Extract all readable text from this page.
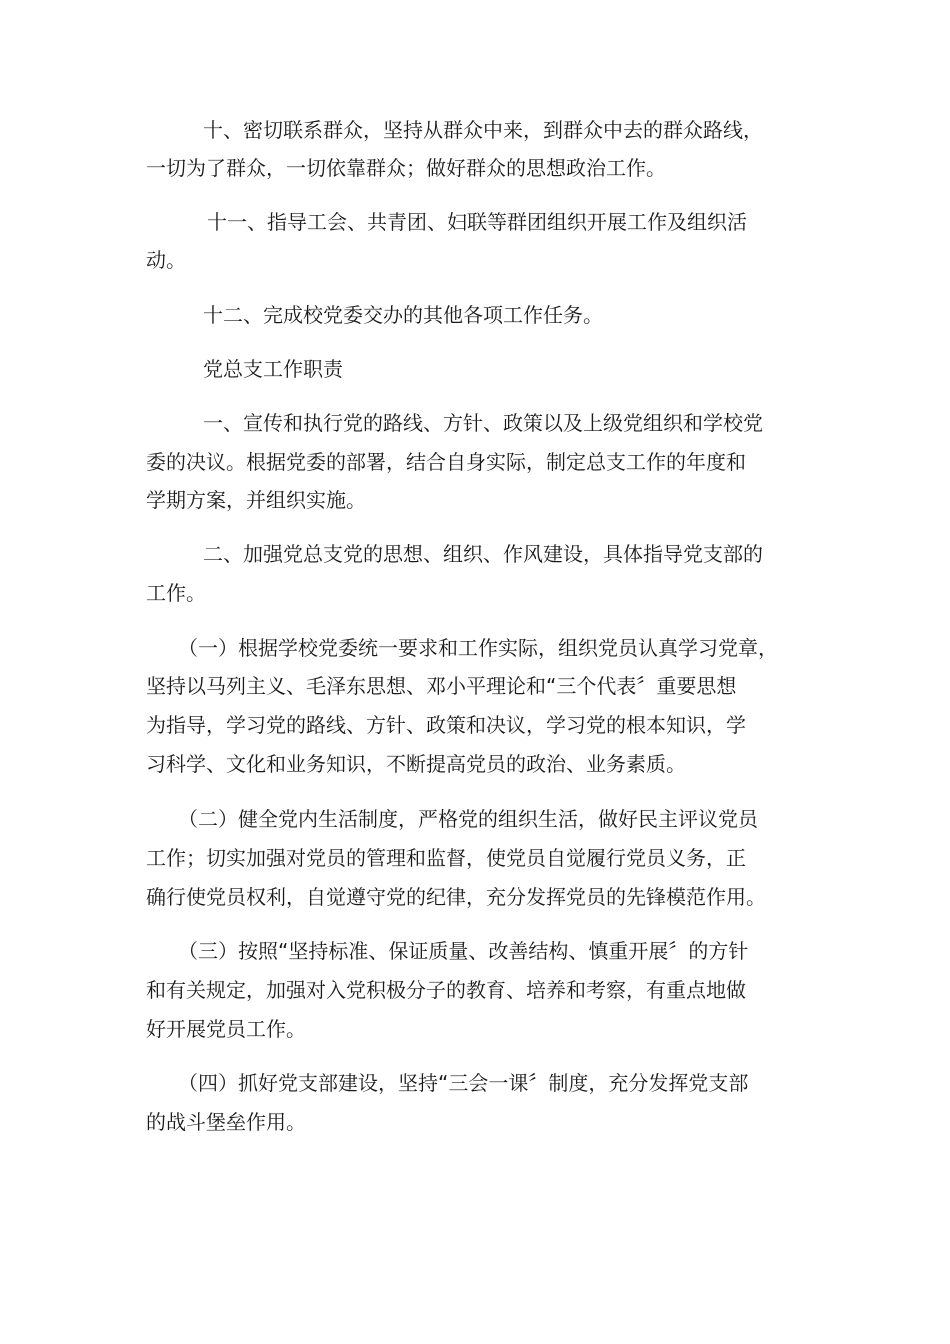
十、密切联系群众，坚持从群众中来，到群众中去的群众路线，
一切为了群众，一切依靠群众；做好群众的思想政治工作。
十一、指导工会、共青团、妇联等群团组织开展工作及组织活
动。
十二、完成校党委交办的其他各项工作任务。
党总支工作职责
一、宣传和执行党的路线、方针、政策以及上级党组织和学校党
委的决议。根据党委的部署，结合自身实际，制定总支工作的年度和
学期方案，并组织实施。
二、加强党总支党的思想、组织、作风建设，具体指导党支部的
工作。
（一）根据学校党委统一要求和工作实际，组织党员认真学习党章，
坚持以马列主义、毛泽东思想、邓小平理论和“三个代表〞重要思想
为指导，学习党的路线、方针、政策和决议，学习党的根本知识，学
习科学、文化和业务知识，不断提高党员的政治、业务素质。
（二）健全党内生活制度，严格党的组织生活，做好民主评议党员
工作；切实加强对党员的管理和监督，使党员自觉履行党员义务，正
确行使党员权利，自觉遵守党的纪律，充分发挥党员的先锋模范作用。
（三）按照“坚持标准、保证质量、改善结构、慎重开展〞的方针
和有关规定，加强对入党积极分子的教育、培养和考察，有重点地做
好开展党员工作。
（四）抓好党支部建设，坚持“三会一课〞制度，充分发挥党支部
的战斗堡垒作用。
